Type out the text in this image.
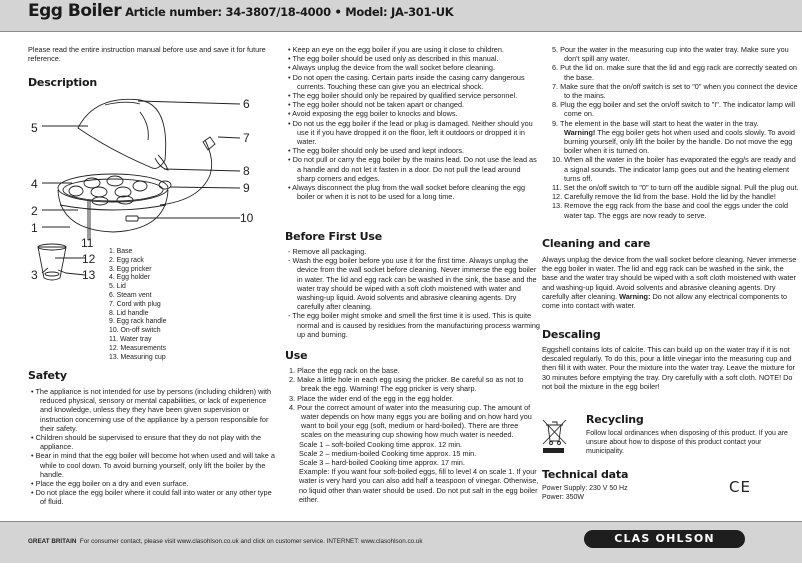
Egg Boiler Article number: 34-3807/18-4000 • Model: JA-301-UK

Please read the entire instruction manual before use and save it for future reference.

Description
5
6
7
8
4	9
2	10
1
11
12
3	13
1. Base
2. Egg rack
3. Egg pricker
4. Egg holder
5. Lid
6. Steam vent
7. Cord with plug
8. Lid handle
9. Egg rack handle
10. On-off switch
11. Water tray
12. Measurements
13. Measuring cup
Safety

• The appliance is not intended for use by persons (including children) with reduced physical, sensory or mental capabilities, or lack of experience and knowledge, unless they they have been given supervision or instruction concerning use of the appliance by a person responsible for their safety.

• Children should be supervised to ensure that they do not play with the appliance.

• Bear in mind that the egg boiler will become hot when used and will take a while to cool down. To avoid burning yourself, only lift the boiler by the handle.

• Place the egg boiler on a dry and even surface.

• Do not place the egg boiler where it could fall into water or any other type of fluid.

• Keep an eye on the egg boiler if you are using it close to children.

• The egg boiler should be used only as described in this manual.

• Always unplug the device from the wall socket before cleaning.

• Do not open the casing. Certain parts inside the casing carry dangerous currents. Touching these can give you an electrical shock.

• The egg boiler should only be repaired by qualified service personnel.

• The egg boiler should not be taken apart or changed.

• Avoid exposing the egg boiler to knocks and blows.

• Do not us the egg boiler if the lead or plug is damaged. Neither should you use it if you have dropped it on the floor, left it outdoors or dropped it in water.

• The egg boiler should only be used and kept indoors.

• Do not pull or carry the egg boiler by the mains lead. Do not use the lead as a handle and do not let it fasten in a door. Do not pull the lead around sharp corners and edges.

• Always disconnect the plug from the wall socket before cleaning the egg boiler or when it is not to be used for a long time.

Before First Use

- Remove all packaging.

- Wash the egg boiler before you use it for the first time. Always unplug the device from the wall socket before cleaning. Never immerse the egg boiler in water. The lid and egg rack can be washed in the sink, the base and the water tray should be wiped with a soft cloth moistened with water and washing-up liquid. Avoid solvents and abrasive cleaning agents. Dry carefully after cleaning.

- The egg boiler might smoke and smell the first time it is used. This is quite normal and is caused by residues from the manufacturing process warming up and burning.

Use

1. Place the egg rack on the base.

2. Make a little hole in each egg using the pricker. Be careful so as not to break the egg. Warning! The egg pricker is very sharp.

3. Place the wider end of the egg in the egg holder.

4. Pour the correct amount of water into the measuring cup. The amount of water depends on how many eggs you are boiling and on how hard you want to boil your egg (soft, medium or hard-boiled). There are three scales on the measuring cup showing how much water is needed.

Scale 1 – soft-boiled Cooking time approx. 12 min.

Scale 2 – medium-boiled Cooking time approx. 15 min.

Scale 3 – hard-boiled Cooking time approx. 17 min.

Example: If you want four soft-boiled eggs, fill to level 4 on scale 1. If your water is very hard you can also add half a teaspoon of vinegar. Otherwise, no liquid other than water should be used. Do not put salt in the egg boiler either.

5. Pour the water in the measuring cup into the water tray. Make sure you don't spill any water.

6. Put the lid on. make sure that the lid and egg rack are correctly seated on the base.

7. Make sure that the on/off switch is set to "0" when you connect the device to the mains.

8. Plug the egg boiler and set the on/off switch to "I". The indicator lamp will come on.

9. The element in the base will start to heat the water in the tray.

Warning! The egg boiler gets hot when used and cools slowly. To avoid burning yourself, only lift the boiler by the handle. Do not move the egg boiler when it is turned on.

10. When all the water in the boiler has evaporated the egg/s are ready and a signal sounds. The indicator lamp goes out and the heating element turns off.

11. Set the on/off switch to "0" to turn off the audible signal. Pull the plug out.

12. Carefully remove the lid from the base. Hold the lid by the handle!

13. Remove the egg rack from the base and cool the eggs under the cold water tap. The eggs are now ready to serve.

Cleaning and care

Always unplug the device from the wall socket before cleaning. Never immerse the egg boiler in water. The lid and egg rack can be washed in the sink, the base and the water tray should be wiped with a soft cloth moistened with water and washing-up liquid. Avoid solvents and abrasive cleaning agents. Dry carefully after cleaning. Warning: Do not allow any electrical components to come into contact with water.

Descaling

Eggshell contains lots of calcite. This can build up on the water tray if it is not descaled regularly. To do this, pour a little vinegar into the measuring cup and then fill it with water. Pour the mixture into the water tray. Leave the mixture for 30 minutes before emptying the tray. Dry carefully with a soft cloth. NOTE! Do not boil the mixture in the egg boiler!

Recycling

Follow local ordinances when disposing of this product. If you are unsure about how to dispose of this product contact your municipality.

Technical data

Power Supply: 230 V 50 Hz

Power: 350W

CE
GREAT BRITAIN For consumer contact, please visit www.clasohlson.co.uk and click on customer service. INTERNET: www.clasohlson.co.uk	CLAS OHLSON
